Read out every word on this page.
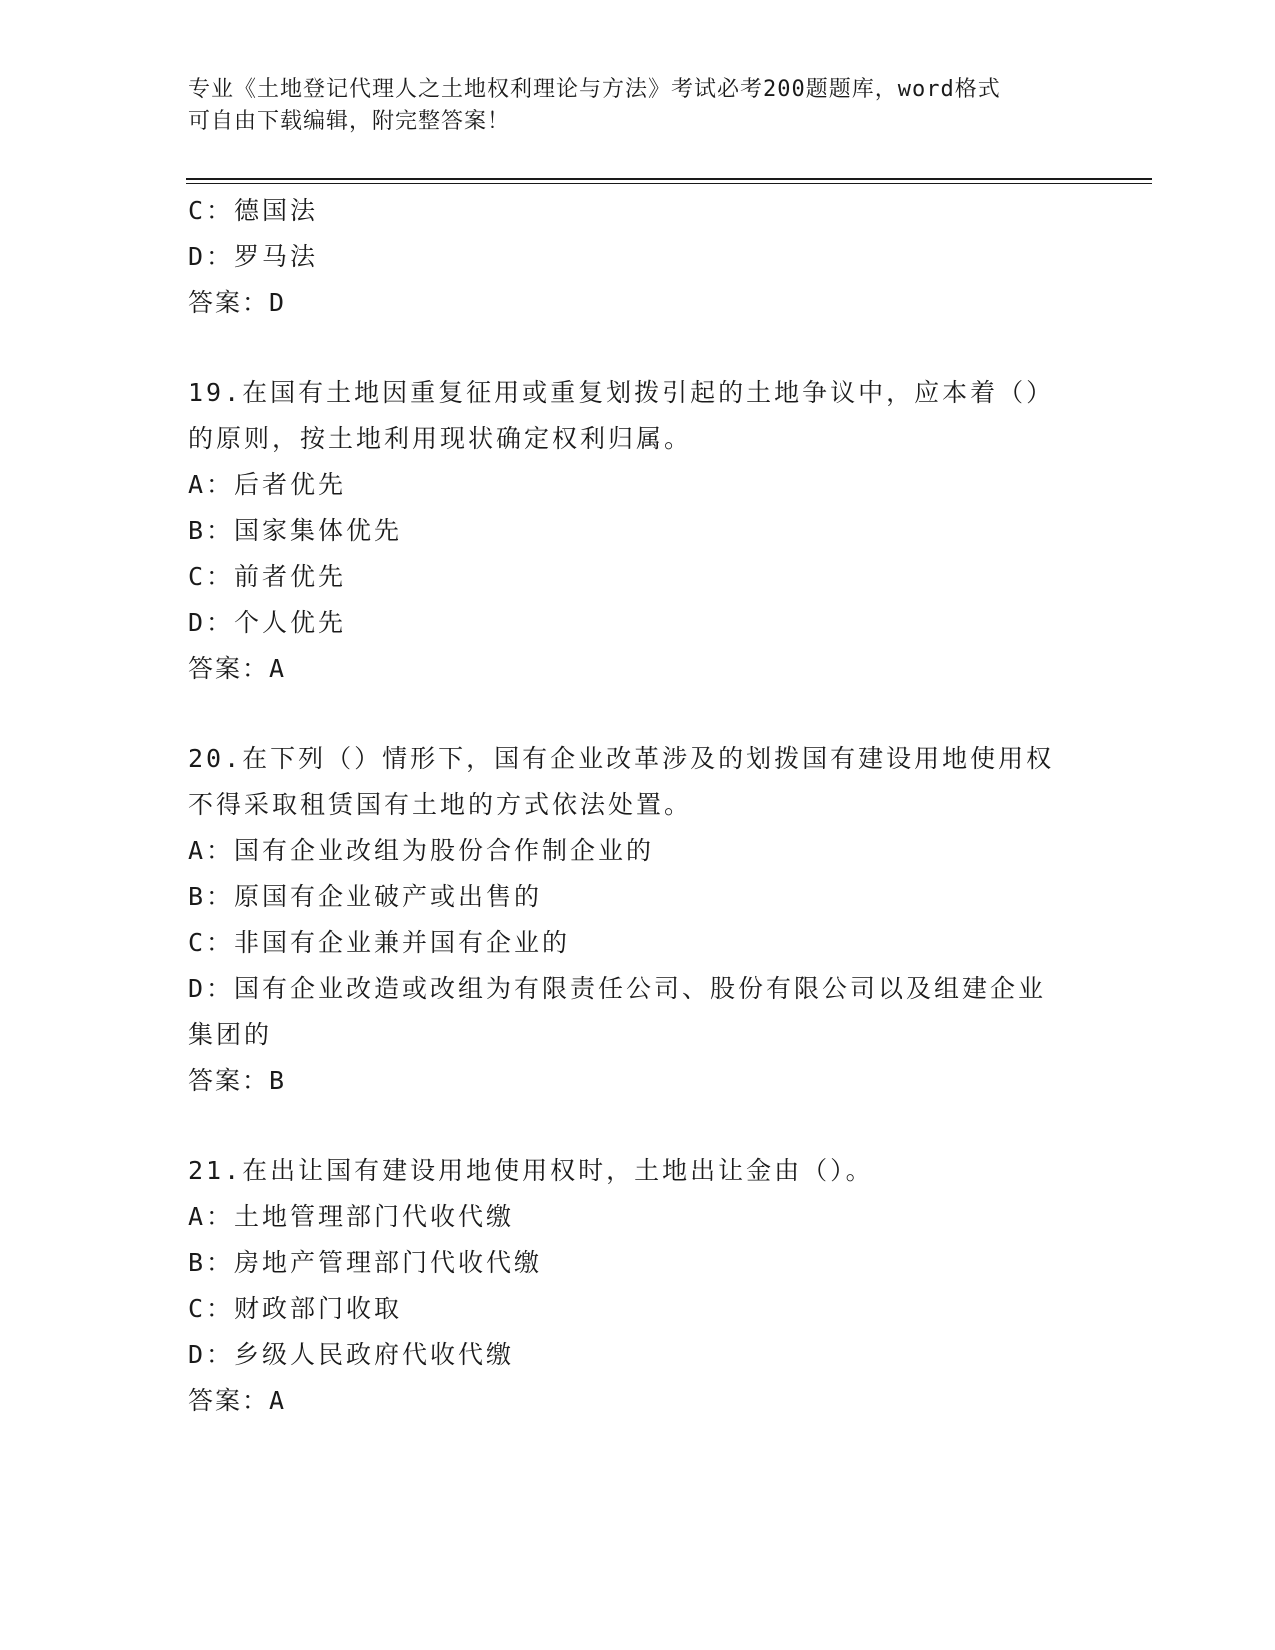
专业《土地登记代理人之土地权利理论与方法》考试必考200题题库，word格式
可自由下载编辑，附完整答案！
C：德国法
D：罗马法
答案：D
19.在国有土地因重复征用或重复划拨引起的土地争议中，应本着（）
的原则，按土地利用现状确定权利归属。
A：后者优先
B：国家集体优先
C：前者优先
D：个人优先
答案：A
20.在下列（）情形下，国有企业改革涉及的划拨国有建设用地使用权
不得采取租赁国有土地的方式依法处置。
A：国有企业改组为股份合作制企业的
B：原国有企业破产或出售的
C：非国有企业兼并国有企业的
D：国有企业改造或改组为有限责任公司、股份有限公司以及组建企业
集团的
答案：B
21.在出让国有建设用地使用权时，土地出让金由（）。
A：土地管理部门代收代缴
B：房地产管理部门代收代缴
C：财政部门收取
D：乡级人民政府代收代缴
答案：A
